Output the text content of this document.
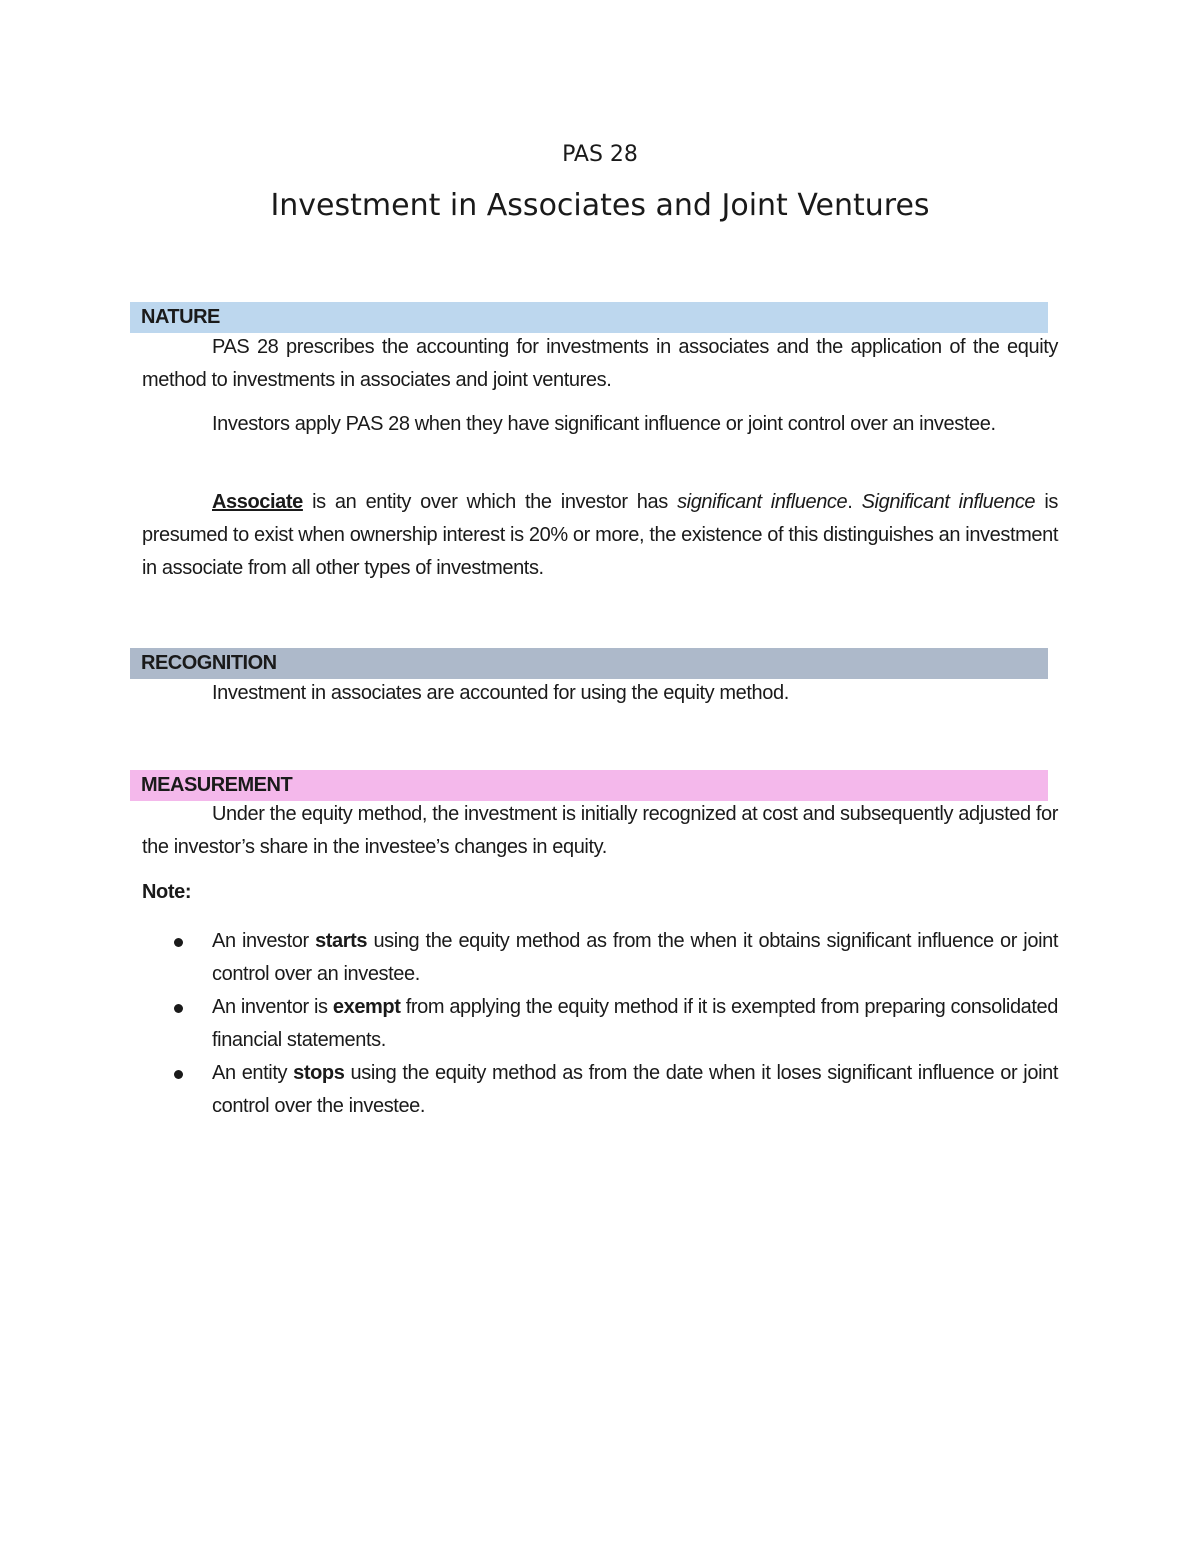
PAS 28
Investment in Associates and Joint Ventures
NATURE

PAS 28 prescribes the accounting for investments in associates and the application of the equity method to investments in associates and joint ventures.

Investors apply PAS 28 when they have significant influence or joint control over an investee.

Associate is an entity over which the investor has significant influence. Significant influence is presumed to exist when ownership interest is 20% or more, the existence of this distinguishes an investment in associate from all other types of investments.

RECOGNITION

Investment in associates are accounted for using the equity method.

MEASUREMENT

Under the equity method, the investment is initially recognized at cost and subsequently adjusted for the investor’s share in the investee’s changes in equity.

Note:
An investor starts using the equity method as from the when it obtains significant influence or joint control over an investee.
An inventor is exempt from applying the equity method if it is exempted from preparing consolidated financial statements.
An entity stops using the equity method as from the date when it loses significant influence or joint control over the investee.
